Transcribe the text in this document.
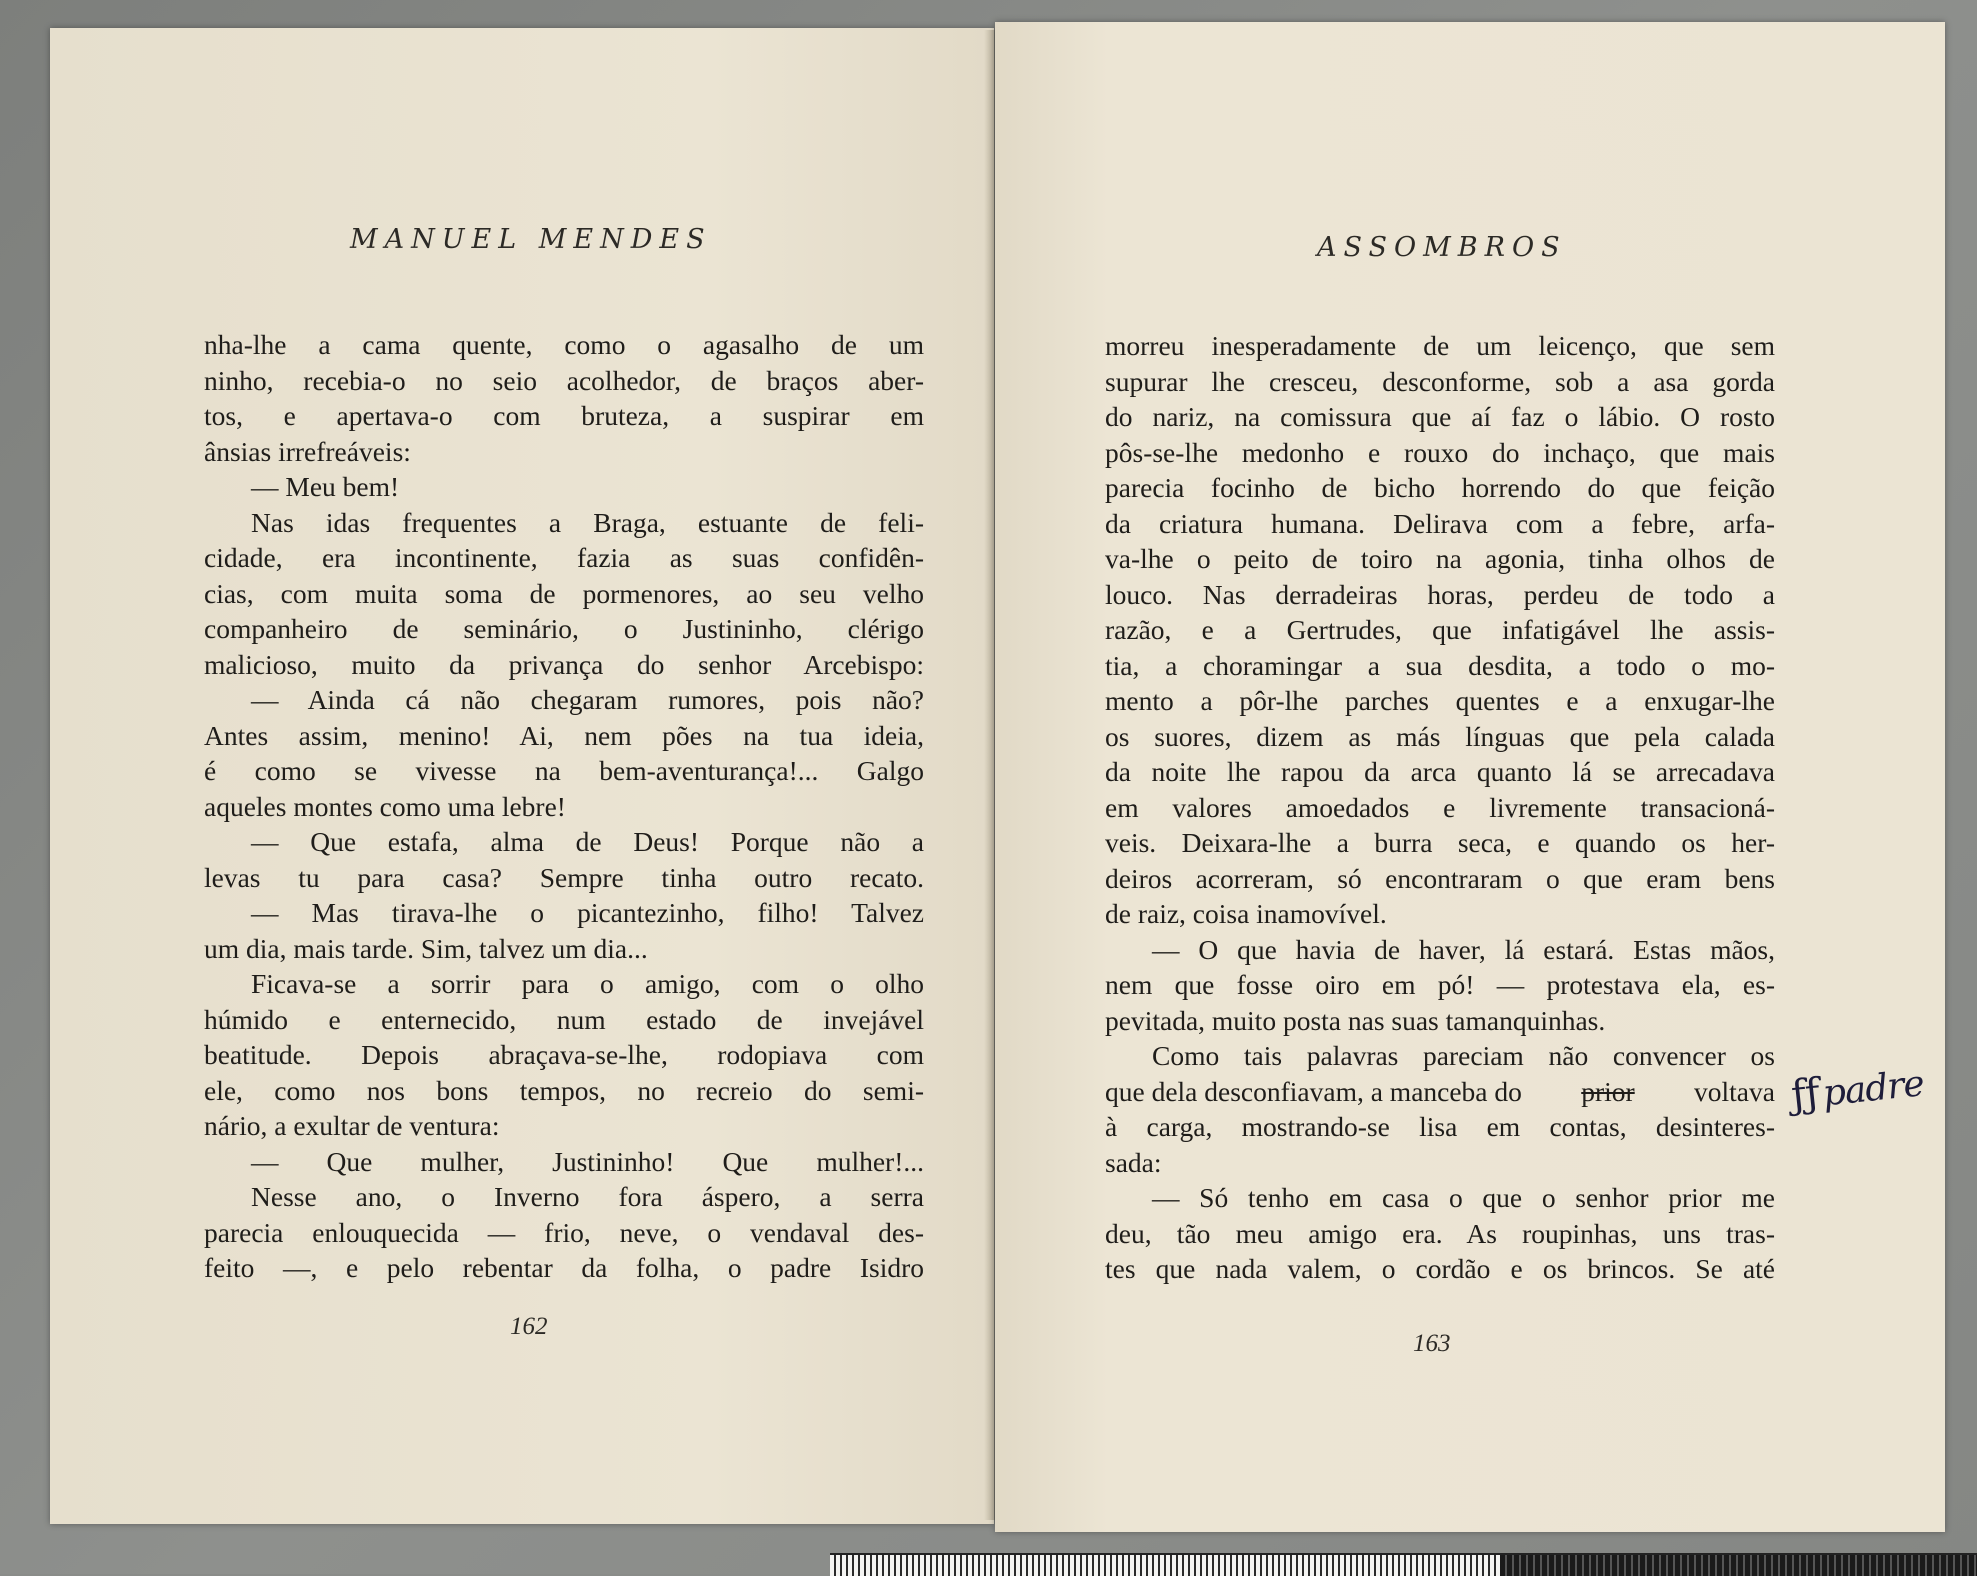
MANUEL MENDES
nha-lhe a cama quente, como o agasalho de um
ninho, recebia-o no seio acolhedor, de braços aber-
tos, e apertava-o com bruteza, a suspirar em
ânsias irrefreáveis:
— Meu bem!
Nas idas frequentes a Braga, estuante de feli-
cidade, era incontinente, fazia as suas confidên-
cias, com muita soma de pormenores, ao seu velho
companheiro de seminário, o Justininho, clérigo
malicioso, muito da privança do senhor Arcebispo:
— Ainda cá não chegaram rumores, pois não?
Antes assim, menino! Ai, nem pões na tua ideia,
é como se vivesse na bem-aventurança!... Galgo
aqueles montes como uma lebre!
— Que estafa, alma de Deus! Porque não a
levas tu para casa? Sempre tinha outro recato.
— Mas tirava-lhe o picantezinho, filho! Talvez
um dia, mais tarde. Sim, talvez um dia...
Ficava-se a sorrir para o amigo, com o olho
húmido e enternecido, num estado de invejável
beatitude. Depois abraçava-se-lhe, rodopiava com
ele, como nos bons tempos, no recreio do semi-
nário, a exultar de ventura:
— Que mulher, Justininho! Que mulher!...
Nesse ano, o Inverno fora áspero, a serra
parecia enlouquecida — frio, neve, o vendaval des-
feito —, e pelo rebentar da folha, o padre Isidro
162
ASSOMBROS
morreu inesperadamente de um leicenço, que sem
supurar lhe cresceu, desconforme, sob a asa gorda
do nariz, na comissura que aí faz o lábio. O rosto
pôs-se-lhe medonho e rouxo do inchaço, que mais
parecia focinho de bicho horrendo do que feição
da criatura humana. Delirava com a febre, arfa-
va-lhe o peito de toiro na agonia, tinha olhos de
louco. Nas derradeiras horas, perdeu de todo a
razão, e a Gertrudes, que infatigável lhe assis-
tia, a choramingar a sua desdita, a todo o mo-
mento a pôr-lhe parches quentes e a enxugar-lhe
os suores, dizem as más línguas que pela calada
da noite lhe rapou da arca quanto lá se arrecadava
em valores amoedados e livremente transacioná-
veis. Deixara-lhe a burra seca, e quando os her-
deiros acorreram, só encontraram o que eram bens
de raiz, coisa inamovível.
— O que havia de haver, lá estará. Estas mãos,
nem que fosse oiro em pó! — protestava ela, es-
pevitada, muito posta nas suas tamanquinhas.
Como tais palavras pareciam não convencer os
que dela desconfiavam, a manceba do prior voltava
à carga, mostrando-se lisa em contas, desinteres-
sada:
— Só tenho em casa o que o senhor prior me
deu, tão meu amigo era. As roupinhas, uns tras-
tes que nada valem, o cordão e os brincos. Se até
ƒƒpadre
163
